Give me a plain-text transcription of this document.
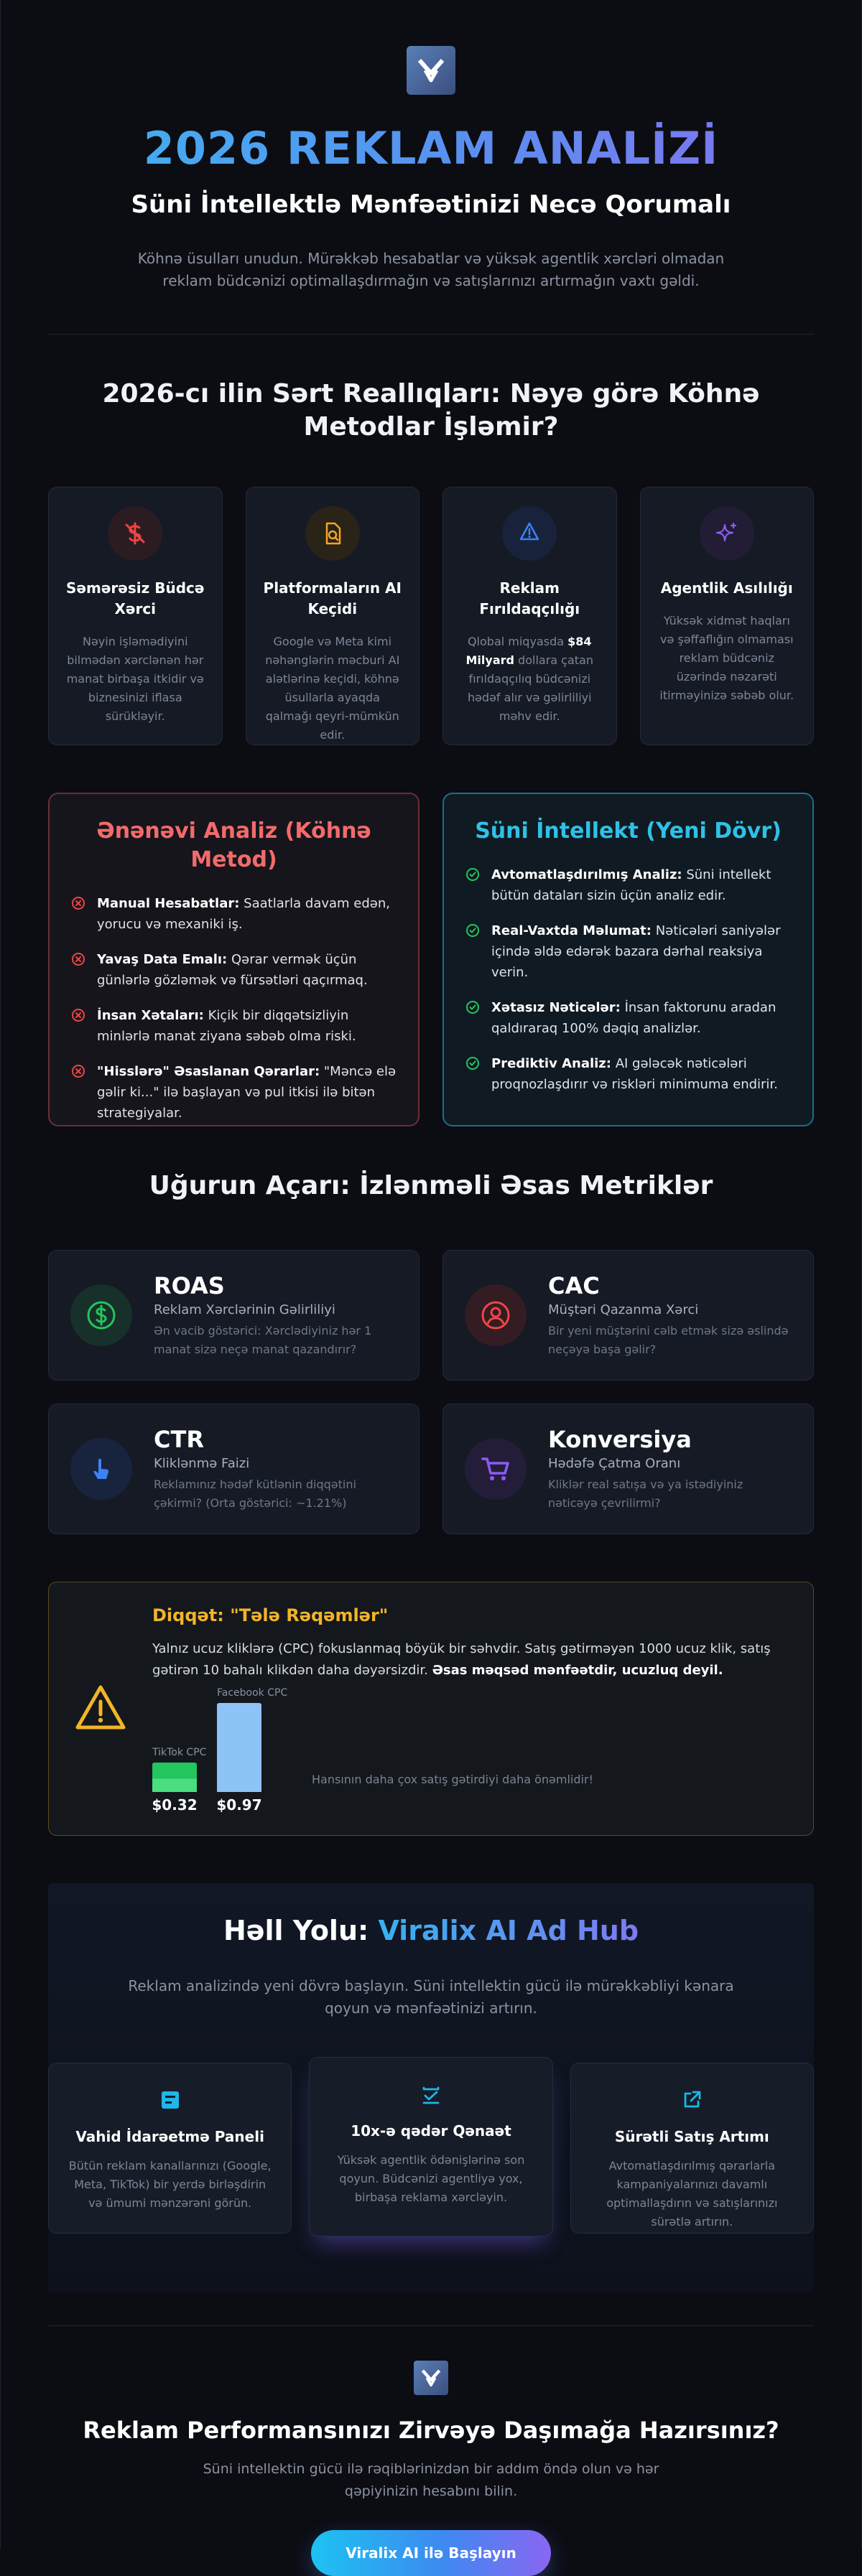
2026 REKLAM ANALİZİ
Süni İntellektlə Mənfəətinizi Necə Qorumalı

Köhnə üsulları unudun. Mürəkkəb hesabatlar və yüksək agentlik xərcləri olmadan reklam büdcənizi optimallaşdırmağın və satışlarınızı artırmağın vaxtı gəldi.

2026-cı ilin Sərt Reallıqları: Nəyə görə Köhnə
Metodlar İşləmir?
Səmərəsiz Büdcə Xərci

Nəyin işləmədiyini bilmədən xərclənən hər manat birbaşa itkidir və biznesinizi iflasa sürükləyir.

Platformaların AI Keçidi

Google və Meta kimi nəhənglərin məcburi AI alətlərinə keçidi, köhnə üsullarla ayaqda qalmağı qeyri-mümkün edir.

Reklam Fırıldaqçılığı

Qlobal miqyasda $84 Milyard dollara çatan fırıldaqçılıq büdcənizi hədəf alır və gəlirliliyi məhv edir.

Agentlik Asılılığı

Yüksək xidmət haqları və şəffaflığın olmaması reklam büdcəniz üzərində nəzarəti itirməyinizə səbəb olur.

Ənənəvi Analiz (Köhnə Metod)
Manual Hesabatlar: Saatlarla davam edən, yorucu və mexaniki iş.
Yavaş Data Emalı: Qərar vermək üçün günlərlə gözləmək və fürsətləri qaçırmaq.
İnsan Xətaları: Kiçik bir diqqətsizliyin minlərlə manat ziyana səbəb olma riski.
"Hisslərə" Əsaslanan Qərarlar: "Məncə elə gəlir ki..." ilə başlayan və pul itkisi ilə bitən strategiyalar.
Süni İntellekt (Yeni Dövr)
Avtomatlaşdırılmış Analiz: Süni intellekt bütün dataları sizin üçün analiz edir.
Real-Vaxtda Məlumat: Nəticələri saniyələr içində əldə edərək bazara dərhal reaksiya verin.
Xətasız Nəticələr: İnsan faktorunu aradan qaldıraraq 100% dəqiq analizlər.
Prediktiv Analiz: AI gələcək nəticələri proqnozlaşdırır və riskləri minimuma endirir.
Uğurun Açarı: İzlənməli Əsas Metriklər
ROAS
Reklam Xərclərinin Gəlirliliyi
Ən vacib göstərici: Xərclədiyiniz hər 1 manat sizə neçə manat qazandırır?
CAC
Müştəri Qazanma Xərci
Bir yeni müştərini cəlb etmək sizə əslində neçəyə başa gəlir?
CTR
Kliklənmə Faizi
Reklamınız hədəf kütlənin diqqətini çəkirmi? (Orta göstərici: ~1.21%)
Konversiya
Hədəfə Çatma Oranı
Kliklər real satışa və ya istədiyiniz nəticəyə çevrilirmi?
Diqqət: "Tələ Rəqəmlər"

Yalnız ucuz kliklərə (CPC) fokuslanmaq böyük bir səhvdir. Satış gətirməyən 1000 ucuz klik, satış gətirən 10 bahalı klikdən daha dəyərsizdir. Əsas məqsəd mənfəətdir, ucuzluq deyil.

Hansının daha çox satış gətirdiyi daha önəmlidir!
TikTok CPC
$0.32
Facebook CPC
$0.97
Həll Yolu: Viralix AI Ad Hub

Reklam analizində yeni dövrə başlayın. Süni intellektin gücü ilə mürəkkəbliyi kənara qoyun və mənfəətinizi artırın.

Vahid İdarəetmə Paneli

Bütün reklam kanallarınızı (Google, Meta, TikTok) bir yerdə birləşdirin və ümumi mənzərəni görün.

10x-ə qədər Qənaət

Yüksək agentlik ödənişlərinə son qoyun. Büdcənizi agentliyə yox, birbaşa reklama xərcləyin.

Sürətli Satış Artımı

Avtomatlaşdırılmış qərarlarla kampaniyalarınızı davamlı optimallaşdırın və satışlarınızı sürətlə artırın.

Reklam Performansınızı Zirvəyə Daşımağa Hazırsınız?

Süni intellektin gücü ilə rəqiblərinizdən bir addım öndə olun və hər qəpiyinizin hesabını bilin.

Viralix AI ilə Başlayın
